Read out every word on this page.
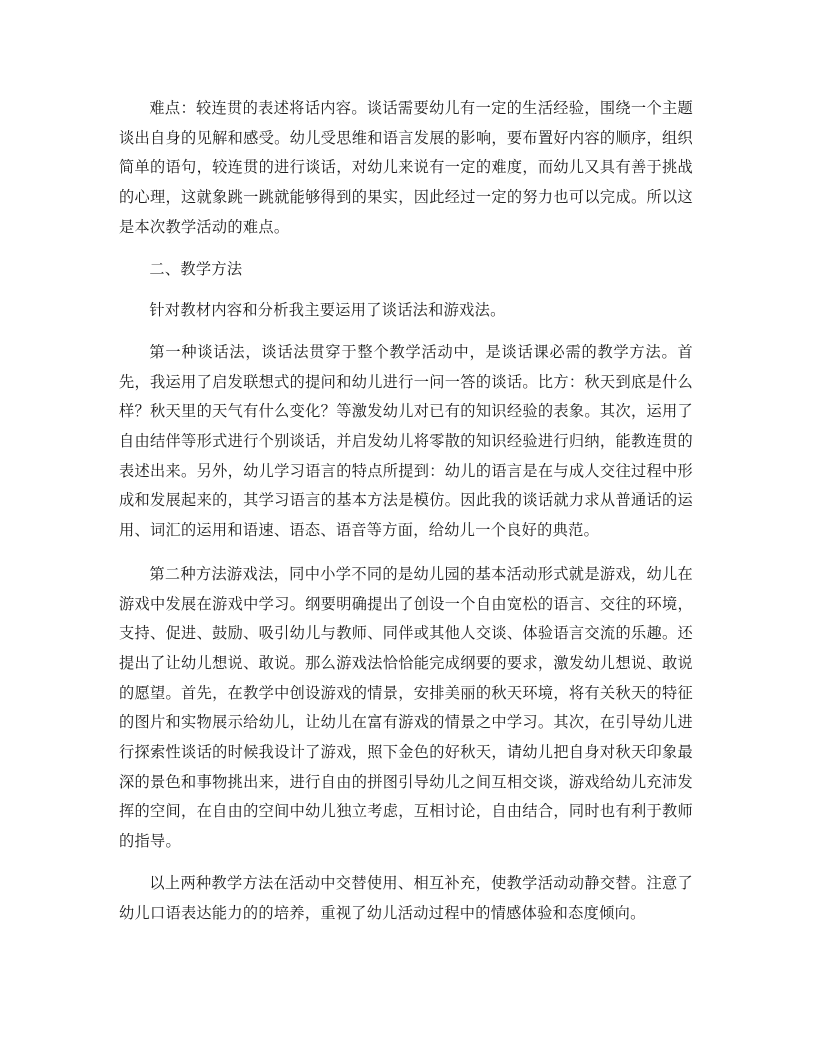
难点：较连贯的表述将话内容。谈话需要幼儿有一定的生活经验，围绕一个主题谈出自身的见解和感受。幼儿受思维和语言发展的影响，要布置好内容的顺序，组织简单的语句，较连贯的进行谈话，对幼儿来说有一定的难度，而幼儿又具有善于挑战的心理，这就象跳一跳就能够得到的果实，因此经过一定的努力也可以完成。所以这是本次教学活动的难点。

二、教学方法

针对教材内容和分析我主要运用了谈话法和游戏法。

第一种谈话法，谈话法贯穿于整个教学活动中，是谈话课必需的教学方法。首先，我运用了启发联想式的提问和幼儿进行一问一答的谈话。比方：秋天到底是什么样？秋天里的天气有什么变化？等激发幼儿对已有的知识经验的表象。其次，运用了自由结伴等形式进行个别谈话，并启发幼儿将零散的知识经验进行归纳，能教连贯的表述出来。另外，幼儿学习语言的特点所提到：幼儿的语言是在与成人交往过程中形成和发展起来的，其学习语言的基本方法是模仿。因此我的谈话就力求从普通话的运用、词汇的运用和语速、语态、语音等方面，给幼儿一个良好的典范。

第二种方法游戏法，同中小学不同的是幼儿园的基本活动形式就是游戏，幼儿在游戏中发展在游戏中学习。纲要明确提出了创设一个自由宽松的语言、交往的环境，支持、促进、鼓励、吸引幼儿与教师、同伴或其他人交谈、体验语言交流的乐趣。还提出了让幼儿想说、敢说。那么游戏法恰恰能完成纲要的要求，激发幼儿想说、敢说的愿望。首先，在教学中创设游戏的情景，安排美丽的秋天环境，将有关秋天的特征的图片和实物展示给幼儿，让幼儿在富有游戏的情景之中学习。其次，在引导幼儿进行探索性谈话的时候我设计了游戏，照下金色的好秋天，请幼儿把自身对秋天印象最深的景色和事物挑出来，进行自由的拼图引导幼儿之间互相交谈，游戏给幼儿充沛发挥的空间，在自由的空间中幼儿独立考虑，互相讨论，自由结合，同时也有利于教师的指导。

以上两种教学方法在活动中交替使用、相互补充，使教学活动动静交替。注意了幼儿口语表达能力的的培养，重视了幼儿活动过程中的情感体验和态度倾向。
